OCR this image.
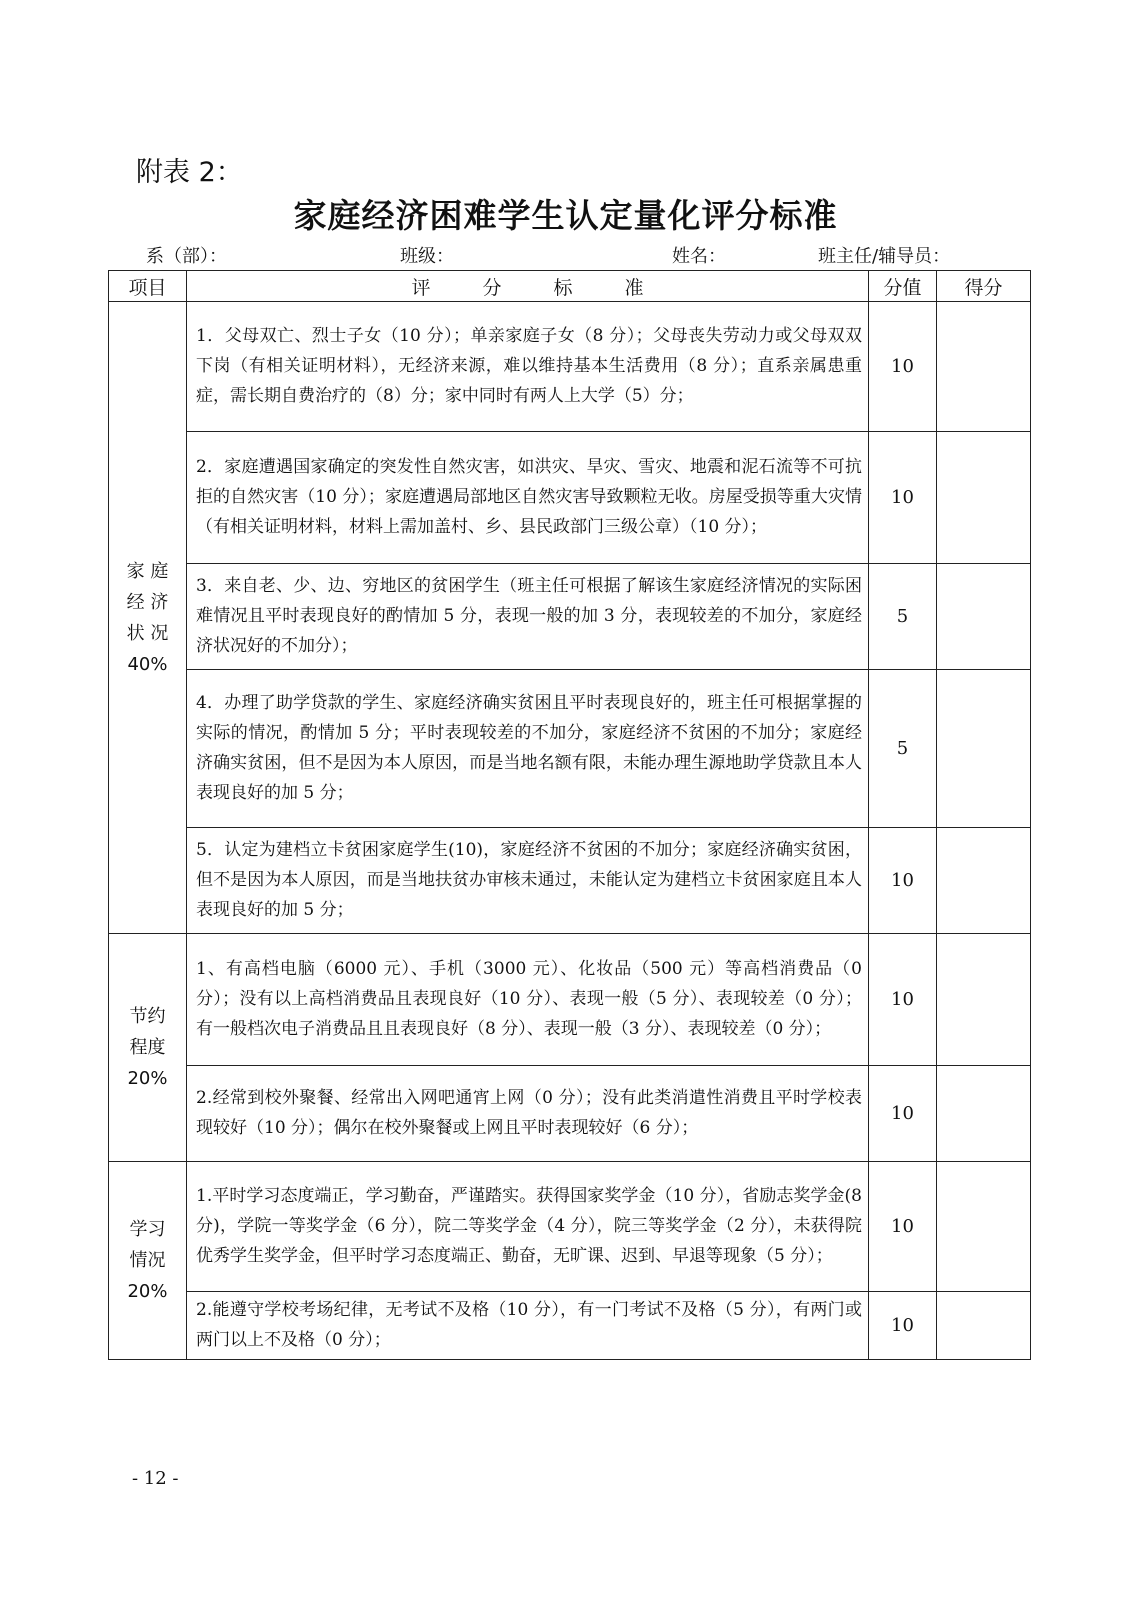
附表 2：
家庭经济困难学生认定量化评分标准
系（部）：	班级：	姓名：	班主任/辅导员：
项目	评分标准	分值	得分

家 庭
经 济
状 况
40%	1．父母双亡、烈士子女（10 分）；单亲家庭子女（8 分）；父母丧失劳动力或父母双双下岗（有相关证明材料），无经济来源，难以维持基本生活费用（8 分）；直系亲属患重症，需长期自费治疗的（8）分；家中同时有两人上大学（5）分；	10	
	2．家庭遭遇国家确定的突发性自然灾害，如洪灾、旱灾、雪灾、地震和泥石流等不可抗拒的自然灾害（10 分）；家庭遭遇局部地区自然灾害导致颗粒无收。房屋受损等重大灾情（有相关证明材料，材料上需加盖村、乡、县民政部门三级公章）（10 分）；	10	
	3．来自老、少、边、穷地区的贫困学生（班主任可根据了解该生家庭经济情况的实际困难情况且平时表现良好的酌情加 5 分，表现一般的加 3 分，表现较差的不加分，家庭经济状况好的不加分）；	5	
	4．办理了助学贷款的学生、家庭经济确实贫困且平时表现良好的，班主任可根据掌握的实际的情况，酌情加 5 分；平时表现较差的不加分，家庭经济不贫困的不加分；家庭经济确实贫困，但不是因为本人原因，而是当地名额有限，未能办理生源地助学贷款且本人表现良好的加 5 分；	5	
	5．认定为建档立卡贫困家庭学生(10)，家庭经济不贫困的不加分；家庭经济确实贫困，但不是因为本人原因，而是当地扶贫办审核未通过，未能认定为建档立卡贫困家庭且本人表现良好的加 5 分；	10	

节约
程度
20%	1、有高档电脑（6000 元）、手机（3000 元）、化妆品（500 元）等高档消费品（0 分）；没有以上高档消费品且表现良好（10 分）、表现一般（5 分）、表现较差（0 分）；有一般档次电子消费品且且表现良好（8 分）、表现一般（3 分）、表现较差（0 分）；	10	
	2.经常到校外聚餐、经常出入网吧通宵上网（0 分）；没有此类消遣性消费且平时学校表现较好（10 分）；偶尔在校外聚餐或上网且平时表现较好（6 分）；	10	

学习
情况
20%	1.平时学习态度端正，学习勤奋，严谨踏实。获得国家奖学金（10 分），省励志奖学金(8 分)，学院一等奖学金（6 分），院二等奖学金（4 分），院三等奖学金（2 分），未获得院优秀学生奖学金，但平时学习态度端正、勤奋，无旷课、迟到、早退等现象（5 分）；	10	
	2.能遵守学校考场纪律，无考试不及格（10 分），有一门考试不及格（5 分），有两门或两门以上不及格（0 分）；	10	
- 12 -
